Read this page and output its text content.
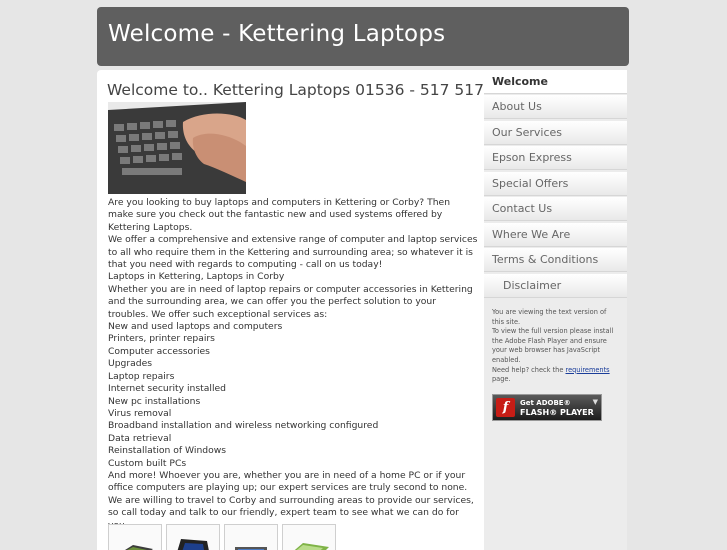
Welcome - Kettering Laptops
Welcome to.. Kettering Laptops 01536 - 517 517
Are you looking to buy laptops and computers in Kettering or Corby? Then make sure you check out the fantastic new and used systems offered by Kettering Laptops.
We offer a comprehensive and extensive range of computer and laptop services to all who require them in the Kettering and surrounding area; so whatever it is that you need with regards to computing - call on us today!
Laptops in Kettering, Laptops in Corby
Whether you are in need of laptop repairs or computer accessories in Kettering and the surrounding area, we can offer you the perfect solution to your troubles. We offer such exceptional services as:
New and used laptops and computers
Printers, printer repairs
Computer accessories
Upgrades
Laptop repairs
Internet security installed
New pc installations
Virus removal
Broadband installation and wireless networking configured
Data retrieval
Reinstallation of Windows
Custom built PCs
And more! Whoever you are, whether you are in need of a home PC or if your office computers are playing up; our expert services are truly second to none. We are willing to travel to Corby and surrounding areas to provide our services, so call today and talk to our friendly, expert team to see what we can do for
Welcome
About Us
Our Services
Epson Express
Special Offers
Contact Us
Where We Are
Terms & Conditions
Disclaimer
You are viewing the text version of this site.
To view the full version please install the Adobe Flash Player and ensure your web browser has JavaScript enabled.
Need help? check the requirements page.
f	Get ADOBE®
FLASH® PLAYER
▼
